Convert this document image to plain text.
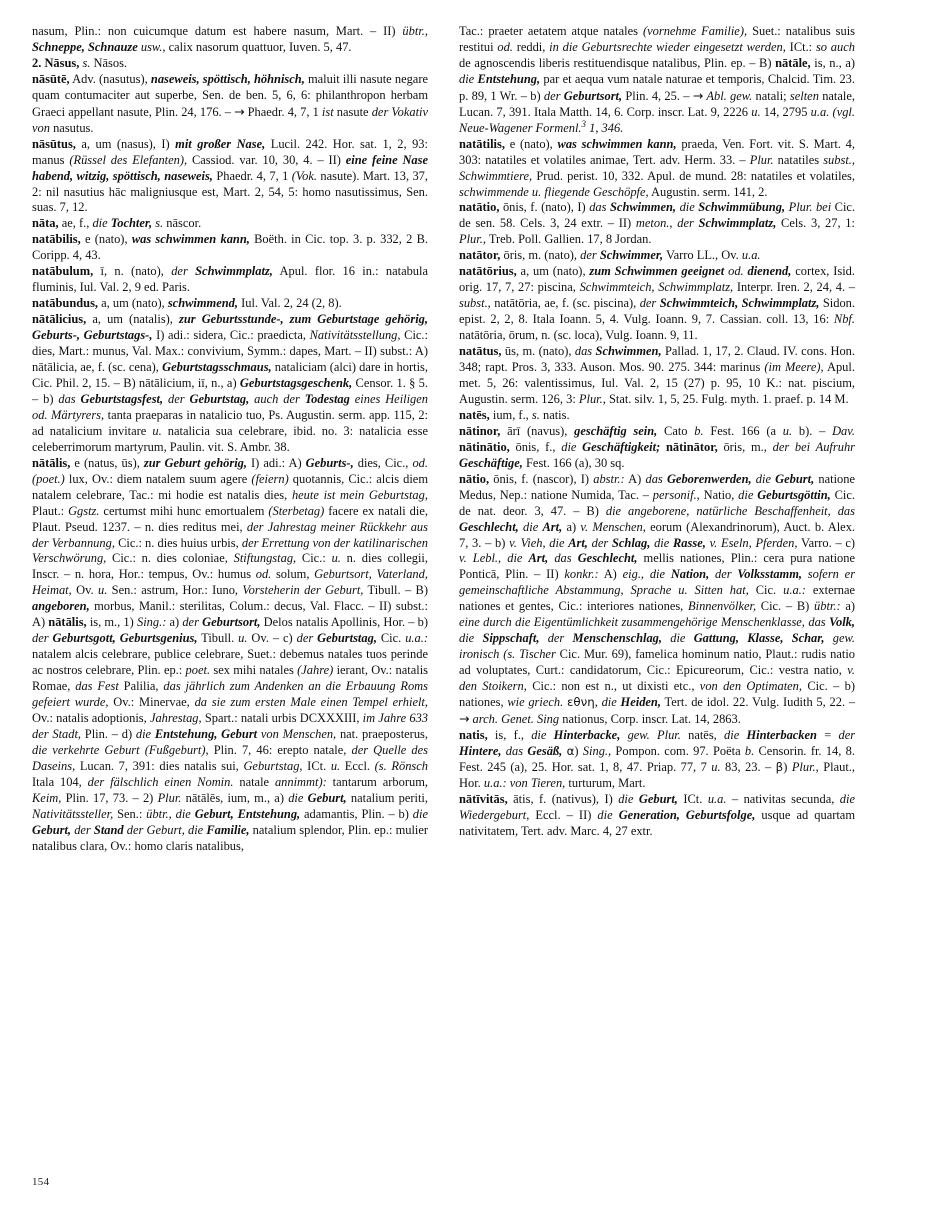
nasum, Plin.: non cuicumque datum est habere nasum, Mart. – II) übtr., Schneppe, Schnauze usw., calix nasorum quattuor, Iuven. 5, 47.

2. Nāsus, s. Nāsos.

nāsūtē, Adv. (nasutus), naseweis, spöttisch, höhnisch, maluit illi nasute negare quam contumaciter aut superbe, Sen. de ben. 5, 6, 6: philanthropon herbam Graeci appellant nasute, Plin. 24, 176. – → Phaedr. 4, 7, 1 ist nasute der Vokativ von nasutus.

nāsūtus, a, um (nasus), I) mit großer Nase, Lucil. 242. Hor. sat. 1, 2, 93: manus (Rüssel des Elefanten), Cassiod. var. 10, 30, 4. – II) eine feine Nase habend, witzig, spöttisch, naseweis, Phaedr. 4, 7, 1 (Vok. nasute). Mart. 13, 37, 2: nil nasutius hāc maligniusque est, Mart. 2, 54, 5: homo nasutissimus, Sen. suas. 7, 12.

nāta, ae, f., die Tochter, s. nāscor.

natābilis, e (nato), was schwimmen kann, Boëth. in Cic. top. 3. p. 332, 2 B. Coripp. 4, 43.

natābulum, ī, n. (nato), der Schwimmplatz, Apul. flor. 16 in.: natabula fluminis, Iul. Val. 2, 9 ed. Paris.

natābundus, a, um (nato), schwimmend, Iul. Val. 2, 24 (2, 8).

nātālicius, a, um (natalis), zur Geburtsstunde-, zum Geburtstage gehörig, Geburts-, Geburtstags-, I) adi.: sidera, Cic.: praedicta, Nativitätsstellung, Cic.: dies, Mart.: munus, Val. Max.: convivium, Symm.: dapes, Mart. – II) subst.: A) nātālicia, ae, f. (sc. cena), Geburtstagsschmaus, nataliciam (alci) dare in hortis, Cic. Phil. 2, 15. – B) nātālicium, iī, n., a) Geburtstagsgeschenk, Censor. 1. § 5. – b) das Geburtstagsfest, der Geburtstag, auch der Todestag eines Heiligen od. Märtyrers, tanta praeparas in natalicio tuo, Ps. Augustin. serm. app. 115, 2: ad natalicium invitare u. natalicia sua celebrare, ibid. no. 3: natalicia esse celeberrimorum martyrum, Paulin. vit. S. Ambr. 38.

nātālis, e (natus, ūs), zur Geburt gehörig, I) adi.: A) Geburts-, dies, Cic., od. (poet.) lux, Ov.: diem natalem suum agere (feiern) quotannis, Cic.: alcis diem natalem celebrare, Tac.: mi hodie est natalis dies, heute ist mein Geburtstag, Plaut.: Ggstz. certumst mihi hunc emortualem (Sterbetag) facere ex natali die, Plaut. Pseud. 1237. – n. dies reditus mei, der Jahrestag meiner Rückkehr aus der Verbannung, Cic.: n. dies huius urbis, der Errettung von der katilinarischen Verschwörung, Cic.: n. dies coloniae, Stiftungstag, Cic.: u. n. dies collegii, Inscr. – n. hora, Hor.: tempus, Ov.: humus od. solum, Geburtsort, Vaterland, Heimat, Ov. u. Sen.: astrum, Hor.: Iuno, Vorsteherin der Geburt, Tibull. – B) angeboren, morbus, Manil.: sterilitas, Colum.: decus, Val. Flacc. – II) subst.: A) nātālis, is, m., 1) Sing.: a) der Geburtsort, Delos natalis Apollinis, Hor. – b) der Geburtsgott, Geburtsgenius, Tibull. u. Ov. – c) der Geburtstag, Cic. u.a.: natalem alcis celebrare, publice celebrare, Suet.: debemus natales tuos perinde ac nostros celebrare, Plin. ep.: poet. sex mihi natales (Jahre) ierant, Ov.: natalis Romae, das Fest Palilia, das jährlich zum Andenken an die Erbauung Roms gefeiert wurde, Ov.: Minervae, da sie zum ersten Male einen Tempel erhielt, Ov.: natalis adoptionis, Jahrestag, Spart.: natali urbis DCXXXIII, im Jahre 633 der Stadt, Plin. – d) die Entstehung, Geburt von Menschen, nat. praeposterus, die verkehrte Geburt (Fußgeburt), Plin. 7, 46: erepto natale, der Quelle des Daseins, Lucan. 7, 391: dies natalis sui, Geburtstag, ICt. u. Eccl. (s. Rönsch Itala 104, der fälschlich einen Nomin. natale annimmt): tantarum arborum, Keim, Plin. 17, 73. – 2) Plur. nātālēs, ium, m., a) die Geburt, natalium periti, Nativitätssteller, Sen.: übtr., die Geburt, Entstehung, adamantis, Plin. – b) die Geburt, der Stand der Geburt, die Familie, natalium splendor, Plin. ep.: mulier natalibus clara, Ov.: homo claris natalibus,

Tac.: praeter aetatem atque natales (vornehme Familie), Suet.: natalibus suis restitui od. reddi, in die Geburtsrechte wieder eingesetzt werden, ICt.: so auch de agnoscendis liberis restituendisque natalibus, Plin. ep. – B) nātāle, is, n., a) die Entstehung, par et aequa vum natale naturae et temporis, Chalcid. Tim. 23. p. 89, 1 Wr. – b) der Geburtsort, Plin. 4, 25. – → Abl. gew. natali; selten natale, Lucan. 7, 391. Itala Matth. 14, 6. Corp. inscr. Lat. 9, 2226 u. 14, 2795 u.a. (vgl. Neue-Wagener Formenl.$^3$ 1, 346.

natātilis, e (nato), was schwimmen kann, praeda, Ven. Fort. vit. S. Mart. 4, 303: natatiles et volatiles animae, Tert. adv. Herm. 33. – Plur. natatiles subst., Schwimmtiere, Prud. perist. 10, 332. Apul. de mund. 28: natatiles et volatiles, schwimmende u. fliegende Geschöpfe, Augustin. serm. 141, 2.

natātio, ōnis, f. (nato), I) das Schwimmen, die Schwimmübung, Plur. bei Cic. de sen. 58. Cels. 3, 24 extr. – II) meton., der Schwimmplatz, Cels. 3, 27, 1: Plur., Treb. Poll. Gallien. 17, 8 Jordan.

natātor, ōris, m. (nato), der Schwimmer, Varro LL., Ov. u.a.

natātōrius, a, um (nato), zum Schwimmen geeignet od. dienend, cortex, Isid. orig. 17, 7, 27: piscina, Schwimmteich, Schwimmplatz, Interpr. Iren. 2, 24, 4. – subst., natātōria, ae, f. (sc. piscina), der Schwimmteich, Schwimmplatz, Sidon. epist. 2, 2, 8. Itala Ioann. 5, 4. Vulg. Ioann. 9, 7. Cassian. coll. 13, 16: Nbf. natātōria, ōrum, n. (sc. loca), Vulg. Ioann. 9, 11.

natātus, ūs, m. (nato), das Schwimmen, Pallad. 1, 17, 2. Claud. IV. cons. Hon. 348; rapt. Pros. 3, 333. Auson. Mos. 90. 275. 344: marinus (im Meere), Apul. met. 5, 26: valentissimus, Iul. Val. 2, 15 (27) p. 95, 10 K.: nat. piscium, Augustin. serm. 126, 3: Plur., Stat. silv. 1, 5, 25. Fulg. myth. 1. praef. p. 14 M.

natēs, ium, f., s. natis.

nātinor, ārī (navus), geschäftig sein, Cato b. Fest. 166 (a u. b). – Dav. nātinātio, ōnis, f., die Geschäftigkeit; nātinātor, ōris, m., der bei Aufruhr Geschäftige, Fest. 166 (a), 30 sq.

nātio, ōnis, f. (nascor), I) abstr.: A) das Geborenwerden, die Geburt, natione Medus, Nep.: natione Numida, Tac. – personif., Natio, die Geburtsgöttin, Cic. de nat. deor. 3, 47. – B) die angeborene, natürliche Beschaffenheit, das Geschlecht, die Art, a) v. Menschen, eorum (Alexandrinorum), Auct. b. Alex. 7, 3. – b) v. Vieh, die Art, der Schlag, die Rasse, v. Eseln, Pferden, Varro. – c) v. Lebl., die Art, das Geschlecht, mellis nationes, Plin.: cera pura natione Ponticā, Plin. – II) konkr.: A) eig., die Nation, der Volksstamm, sofern er gemeinschaftliche Abstammung, Sprache u. Sitten hat, Cic. u.a.: externae nationes et gentes, Cic.: interiores nationes, Binnenvölker, Cic. – B) übtr.: a) eine durch die Eigentümlichkeit zusammengehörige Menschenklasse, das Volk, die Sippschaft, der Menschenschlag, die Gattung, Klasse, Schar, gew. ironisch (s. Tischer Cic. Mur. 69), famelica hominum natio, Plaut.: rudis natio ad voluptates, Curt.: candidatorum, Cic.: Epicureorum, Cic.: vestra natio, v. den Stoikern, Cic.: non est n., ut dixisti etc., von den Optimaten, Cic. – b) nationes, wie griech. εθνη, die Heiden, Tert. de idol. 22. Vulg. Iudith 5, 22. – → arch. Genet. Sing nationus, Corp. inscr. Lat. 14, 2863.

natis, is, f., die Hinterbacke, gew. Plur. natēs, die Hinterbacken = der Hintere, das Gesäß, α) Sing., Pompon. com. 97. Poëta b. Censorin. fr. 14, 8. Fest. 245 (a), 25. Hor. sat. 1, 8, 47. Priap. 77, 7 u. 83, 23. – β) Plur., Plaut., Hor. u.a.: von Tieren, turturum, Mart.

nātīvitās, ātis, f. (nativus), I) die Geburt, ICt. u.a. – nativitas secunda, die Wiedergeburt, Eccl. – II) die Generation, Geburtsfolge, usque ad quartam nativitatem, Tert. adv. Marc. 4, 27 extr.

154
